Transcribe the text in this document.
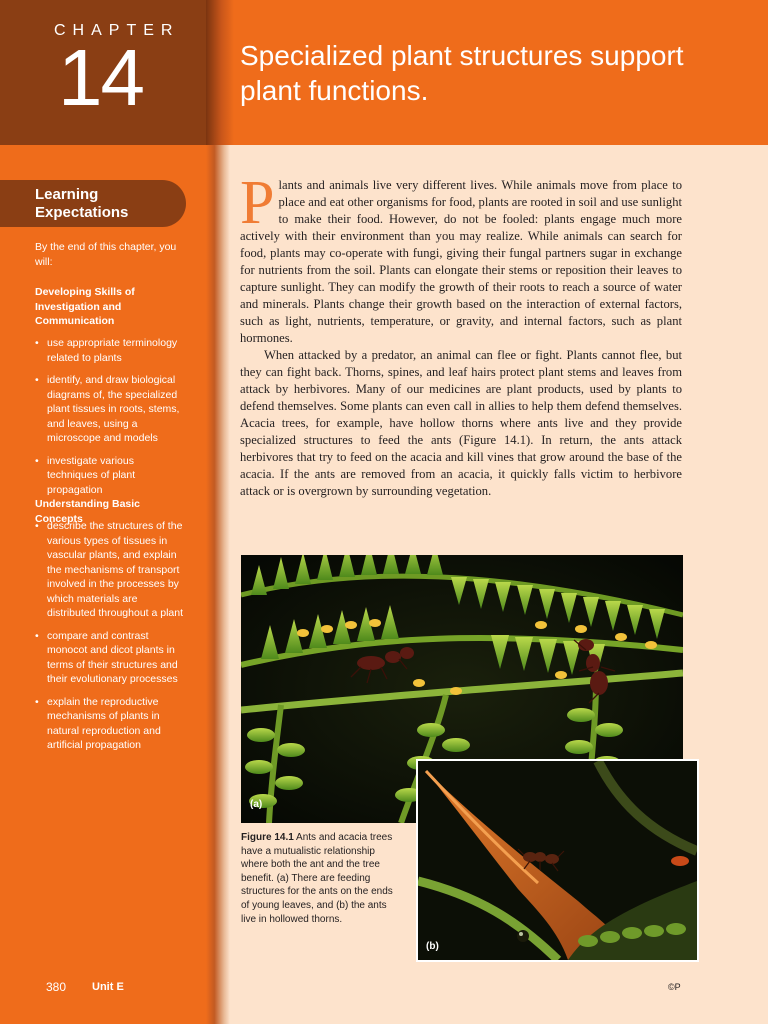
CHAPTER
14	Specialized plant structures support plant functions.
Learning Expectations
By the end of this chapter, you will:
Developing Skills of Investigation and Communication
• use appropriate terminology related to plants
• identify, and draw biological diagrams of, the specialized plant tissues in roots, stems, and leaves, using a microscope and models
• investigate various techniques of plant propagation
Understanding Basic Concepts
• describe the structures of the various types of tissues in vascular plants, and explain the mechanisms of transport involved in the processes by which materials are distributed throughout a plant
• compare and contrast monocot and dicot plants in terms of their structures and their evolutionary processes
• explain the reproductive mechanisms of plants in natural reproduction and artificial propagation

Plants and animals live very different lives. While animals move from place to place and eat other organisms for food, plants are rooted in soil and use sunlight to make their food. However, do not be fooled: plants engage much more actively with their environment than you may realize. While animals can search for food, plants may co-operate with fungi, giving their fungal partners sugar in exchange for nutrients from the soil. Plants can elongate their stems or reposition their leaves to capture sunlight. They can modify the growth of their roots to reach a source of water and minerals. Plants change their growth based on the interaction of external factors, such as light, nutrients, temperature, or gravity, and internal factors, such as plant hormones.

When attacked by a predator, an animal can flee or fight. Plants cannot flee, but they can fight back. Thorns, spines, and leaf hairs protect plant stems and leaves from attack by herbivores. Many of our medicines are plant products, used by plants to defend themselves. Some plants can even call in allies to help them defend themselves. Acacia trees, for example, have hollow thorns where ants live and they provide specialized structures to feed the ants (Figure 14.1). In return, the ants attack herbivores that try to feed on the acacia and kill vines that grow around the base of the acacia. If the ants are removed from an acacia, it quickly falls victim to herbivore attack or is overgrown by surrounding vegetation.

(a)
(b)
Figure 14.1 Ants and acacia trees have a mutualistic relationship where both the ant and the tree benefit. (a) There are feeding structures for the ants on the ends of young leaves, and (b) the ants live in hollowed thorns.
380 Unit E	©P
